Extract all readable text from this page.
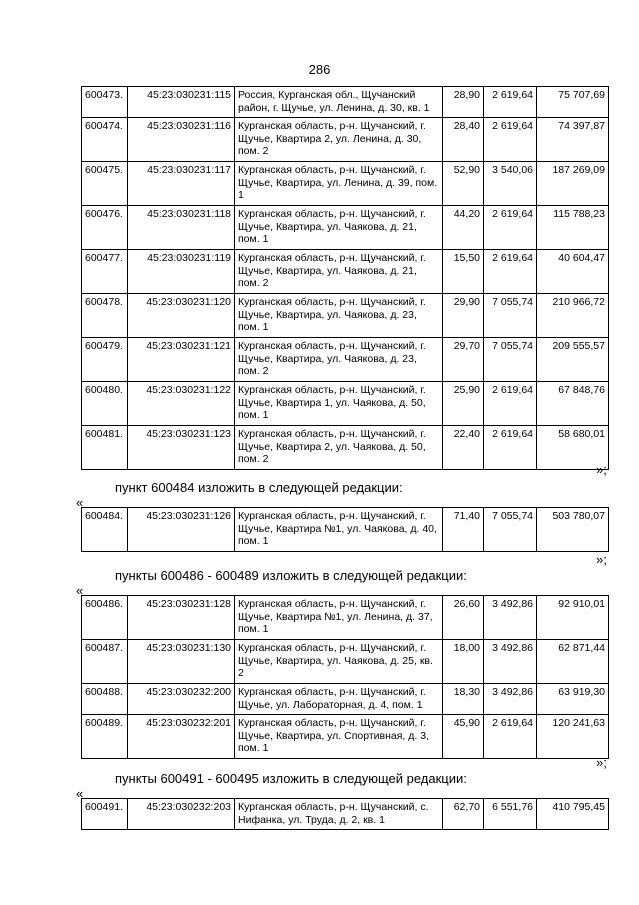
286
600473.	45:23:030231:115	Россия, Курганская обл., Щучанский район, г. Щучье, ул. Ленина, д. 30, кв. 1	28,90	2 619,64	75 707,69
600474.	45:23:030231:116	Курганская область, р-н. Щучанский, г. Щучье, Квартира 2, ул. Ленина, д. 30, пом. 2	28,40	2 619,64	74 397,87
600475.	45:23:030231:117	Курганская область, р-н. Щучанский, г. Щучье, Квартира, ул. Ленина, д. 39, пом. 1	52,90	3 540,06	187 269,09
600476.	45:23:030231:118	Курганская область, р-н. Щучанский, г. Щучье, Квартира, ул. Чаякова, д. 21, пом. 1	44,20	2 619,64	115 788,23
600477.	45:23:030231:119	Курганская область, р-н. Щучанский, г. Щучье, Квартира, ул. Чаякова, д. 21, пом. 2	15,50	2 619,64	40 604,47
600478.	45:23:030231:120	Курганская область, р-н. Щучанский, г. Щучье, Квартира, ул. Чаякова, д. 23, пом. 1	29,90	7 055,74	210 966,72
600479.	45:23:030231:121	Курганская область, р-н. Щучанский, г. Щучье, Квартира, ул. Чаякова, д. 23, пом. 2	29,70	7 055,74	209 555,57
600480.	45:23:030231:122	Курганская область, р-н. Щучанский, г. Щучье, Квартира 1, ул. Чаякова, д. 50, пом. 1	25,90	2 619,64	67 848,76
600481.	45:23:030231:123	Курганская область, р-н. Щучанский, г. Щучье, Квартира 2, ул. Чаякова, д. 50, пом. 2	22,40	2 619,64	58 680,01
»;
пункт 600484 изложить в следующей редакции:
«
600484.	45:23:030231:126	Курганская область, р-н. Щучанский, г. Щучье, Квартира №1, ул. Чаякова, д. 40, пом. 1	71,40	7 055,74	503 780,07
»;
пункты 600486 - 600489 изложить в следующей редакции:
«
600486.	45:23:030231:128	Курганская область, р-н. Щучанский, г. Щучье, Квартира №1, ул. Ленина, д. 37, пом. 1	26,60	3 492,86	92 910,01
600487.	45:23:030231:130	Курганская область, р-н. Щучанский, г. Щучье, Квартира, ул. Чаякова, д. 25, кв. 2	18,00	3 492,86	62 871,44
600488.	45:23:030232:200	Курганская область, р-н. Щучанский, г. Щучье, ул. Лабораторная, д. 4, пом. 1	18,30	3 492,86	63 919,30
600489.	45:23:030232:201	Курганская область, р-н. Щучанский, г. Щучье, Квартира, ул. Спортивная, д. 3, пом. 1	45,90	2 619,64	120 241,63
»;
пункты 600491 - 600495 изложить в следующей редакции:
«
600491.	45:23:030232:203	Курганская область, р-н. Щучанский, с. Нифанка, ул. Труда, д. 2, кв. 1	62,70	6 551,76	410 795,45
